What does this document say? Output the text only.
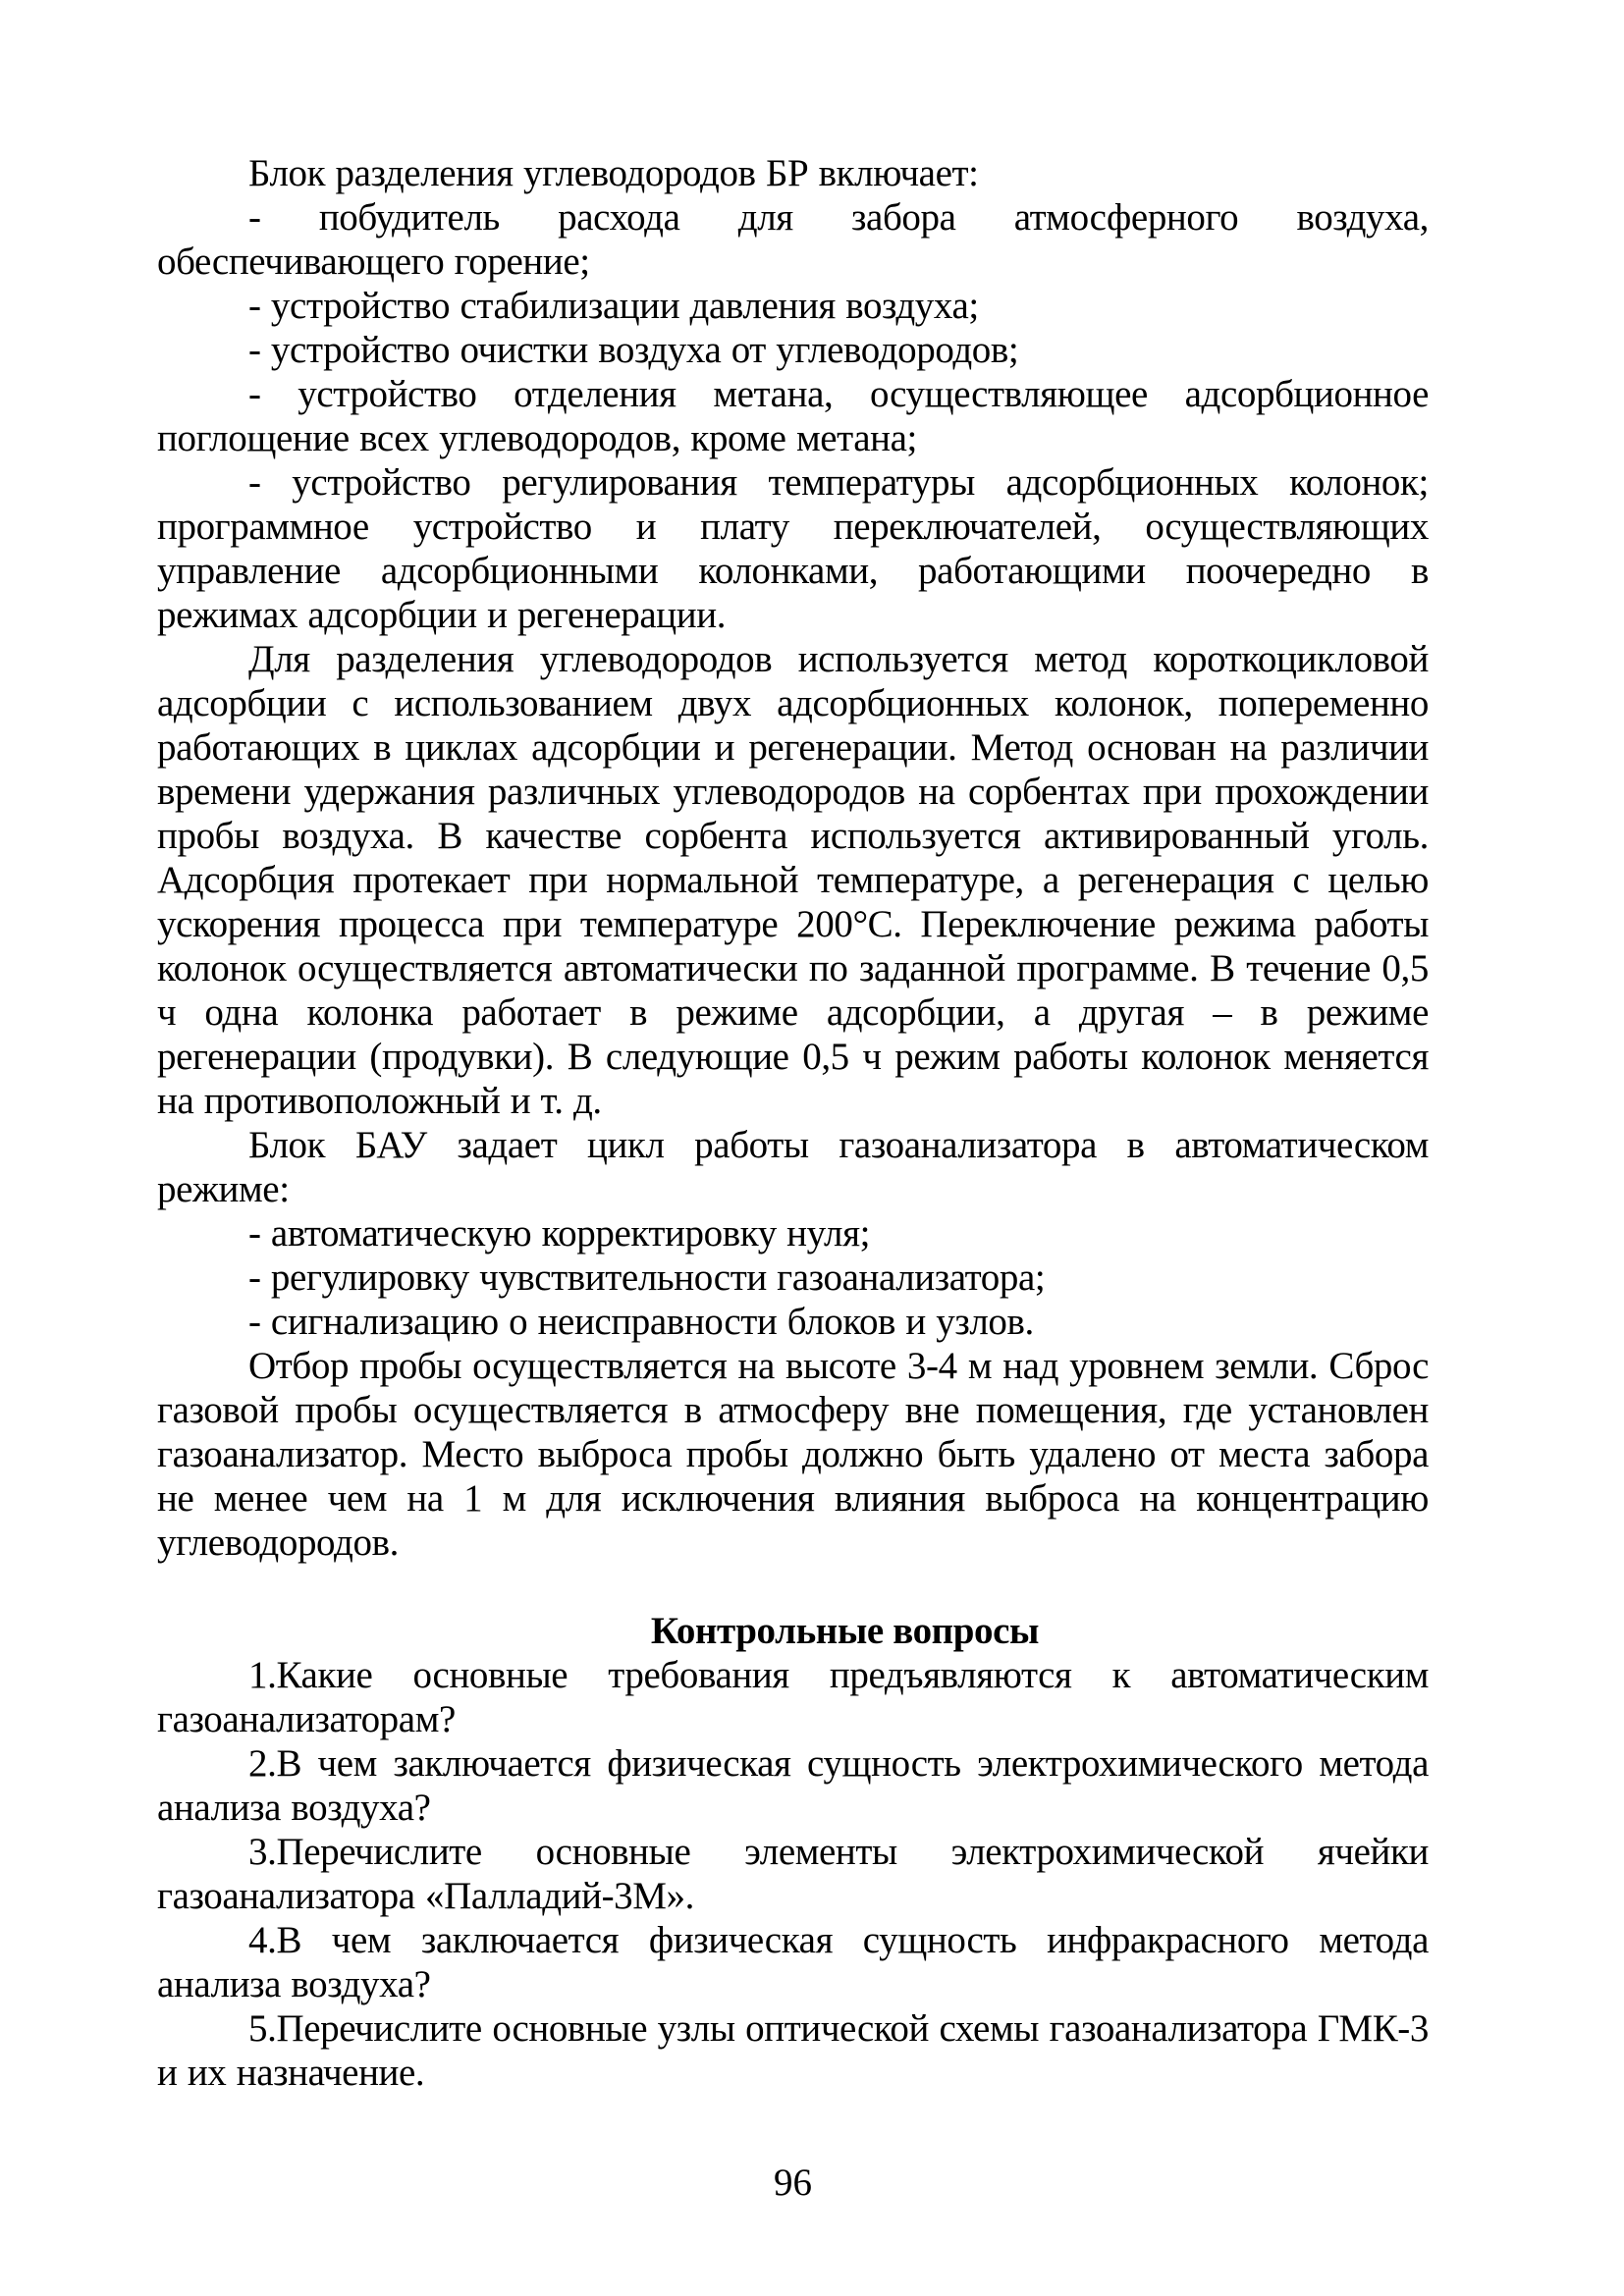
Блок разделения углеводородов БР включает:

- побудитель расхода для забора атмосферного воздуха, обеспечивающего горение;

- устройство стабилизации давления воздуха;

- устройство очистки воздуха от углеводородов;

- устройство отделения метана, осуществляющее адсорбционное поглощение всех углеводородов, кроме метана;

- устройство регулирования температуры адсорбционных колонок; программное устройство и плату переключателей, осуществляющих управление адсорбционными колонками, работающими поочередно в режимах адсорбции и регенерации.

Для разделения углеводородов используется метод короткоцикловой адсорбции с использованием двух адсорбционных колонок, попеременно работающих в циклах адсорбции и регенерации. Метод основан на различии времени удержания различных углеводородов на сорбентах при прохождении пробы воздуха. В качестве сорбента используется активированный уголь. Адсорбция протекает при нормальной температуре, а регенерация с целью ускорения процесса при температуре 200°С. Переключение режима работы колонок осуществляется автоматически по заданной программе. В течение 0,5 ч одна колонка работает в режиме адсорбции, а другая – в режиме регенерации (продувки). В следующие 0,5 ч режим работы колонок меняется на противоположный и т. д.

Блок БАУ задает цикл работы газоанализатора в автоматическом режиме:

- автоматическую корректировку нуля;

- регулировку чувствительности газоанализатора;

- сигнализацию о неисправности блоков и узлов.

Отбор пробы осуществляется на высоте 3-4 м над уровнем земли. Сброс газовой пробы осуществляется в атмосферу вне помещения, где установлен газоанализатор. Место выброса пробы должно быть удалено от места забора не менее чем на 1 м для исключения влияния выброса на концентрацию углеводородов.

Контрольные вопросы

1.Какие основные требования предъявляются к автоматическим газоанализаторам?

2.В чем заключается физическая сущность электрохимического метода анализа воздуха?

3.Перечислите основные элементы электрохимической ячейки газоанализатора «Палладий-3М».

4.В чем заключается физическая сущность инфракрасного метода анализа воздуха?

5.Перечислите основные узлы оптической схемы газоанализатора ГМК-3 и их назначение.

96
